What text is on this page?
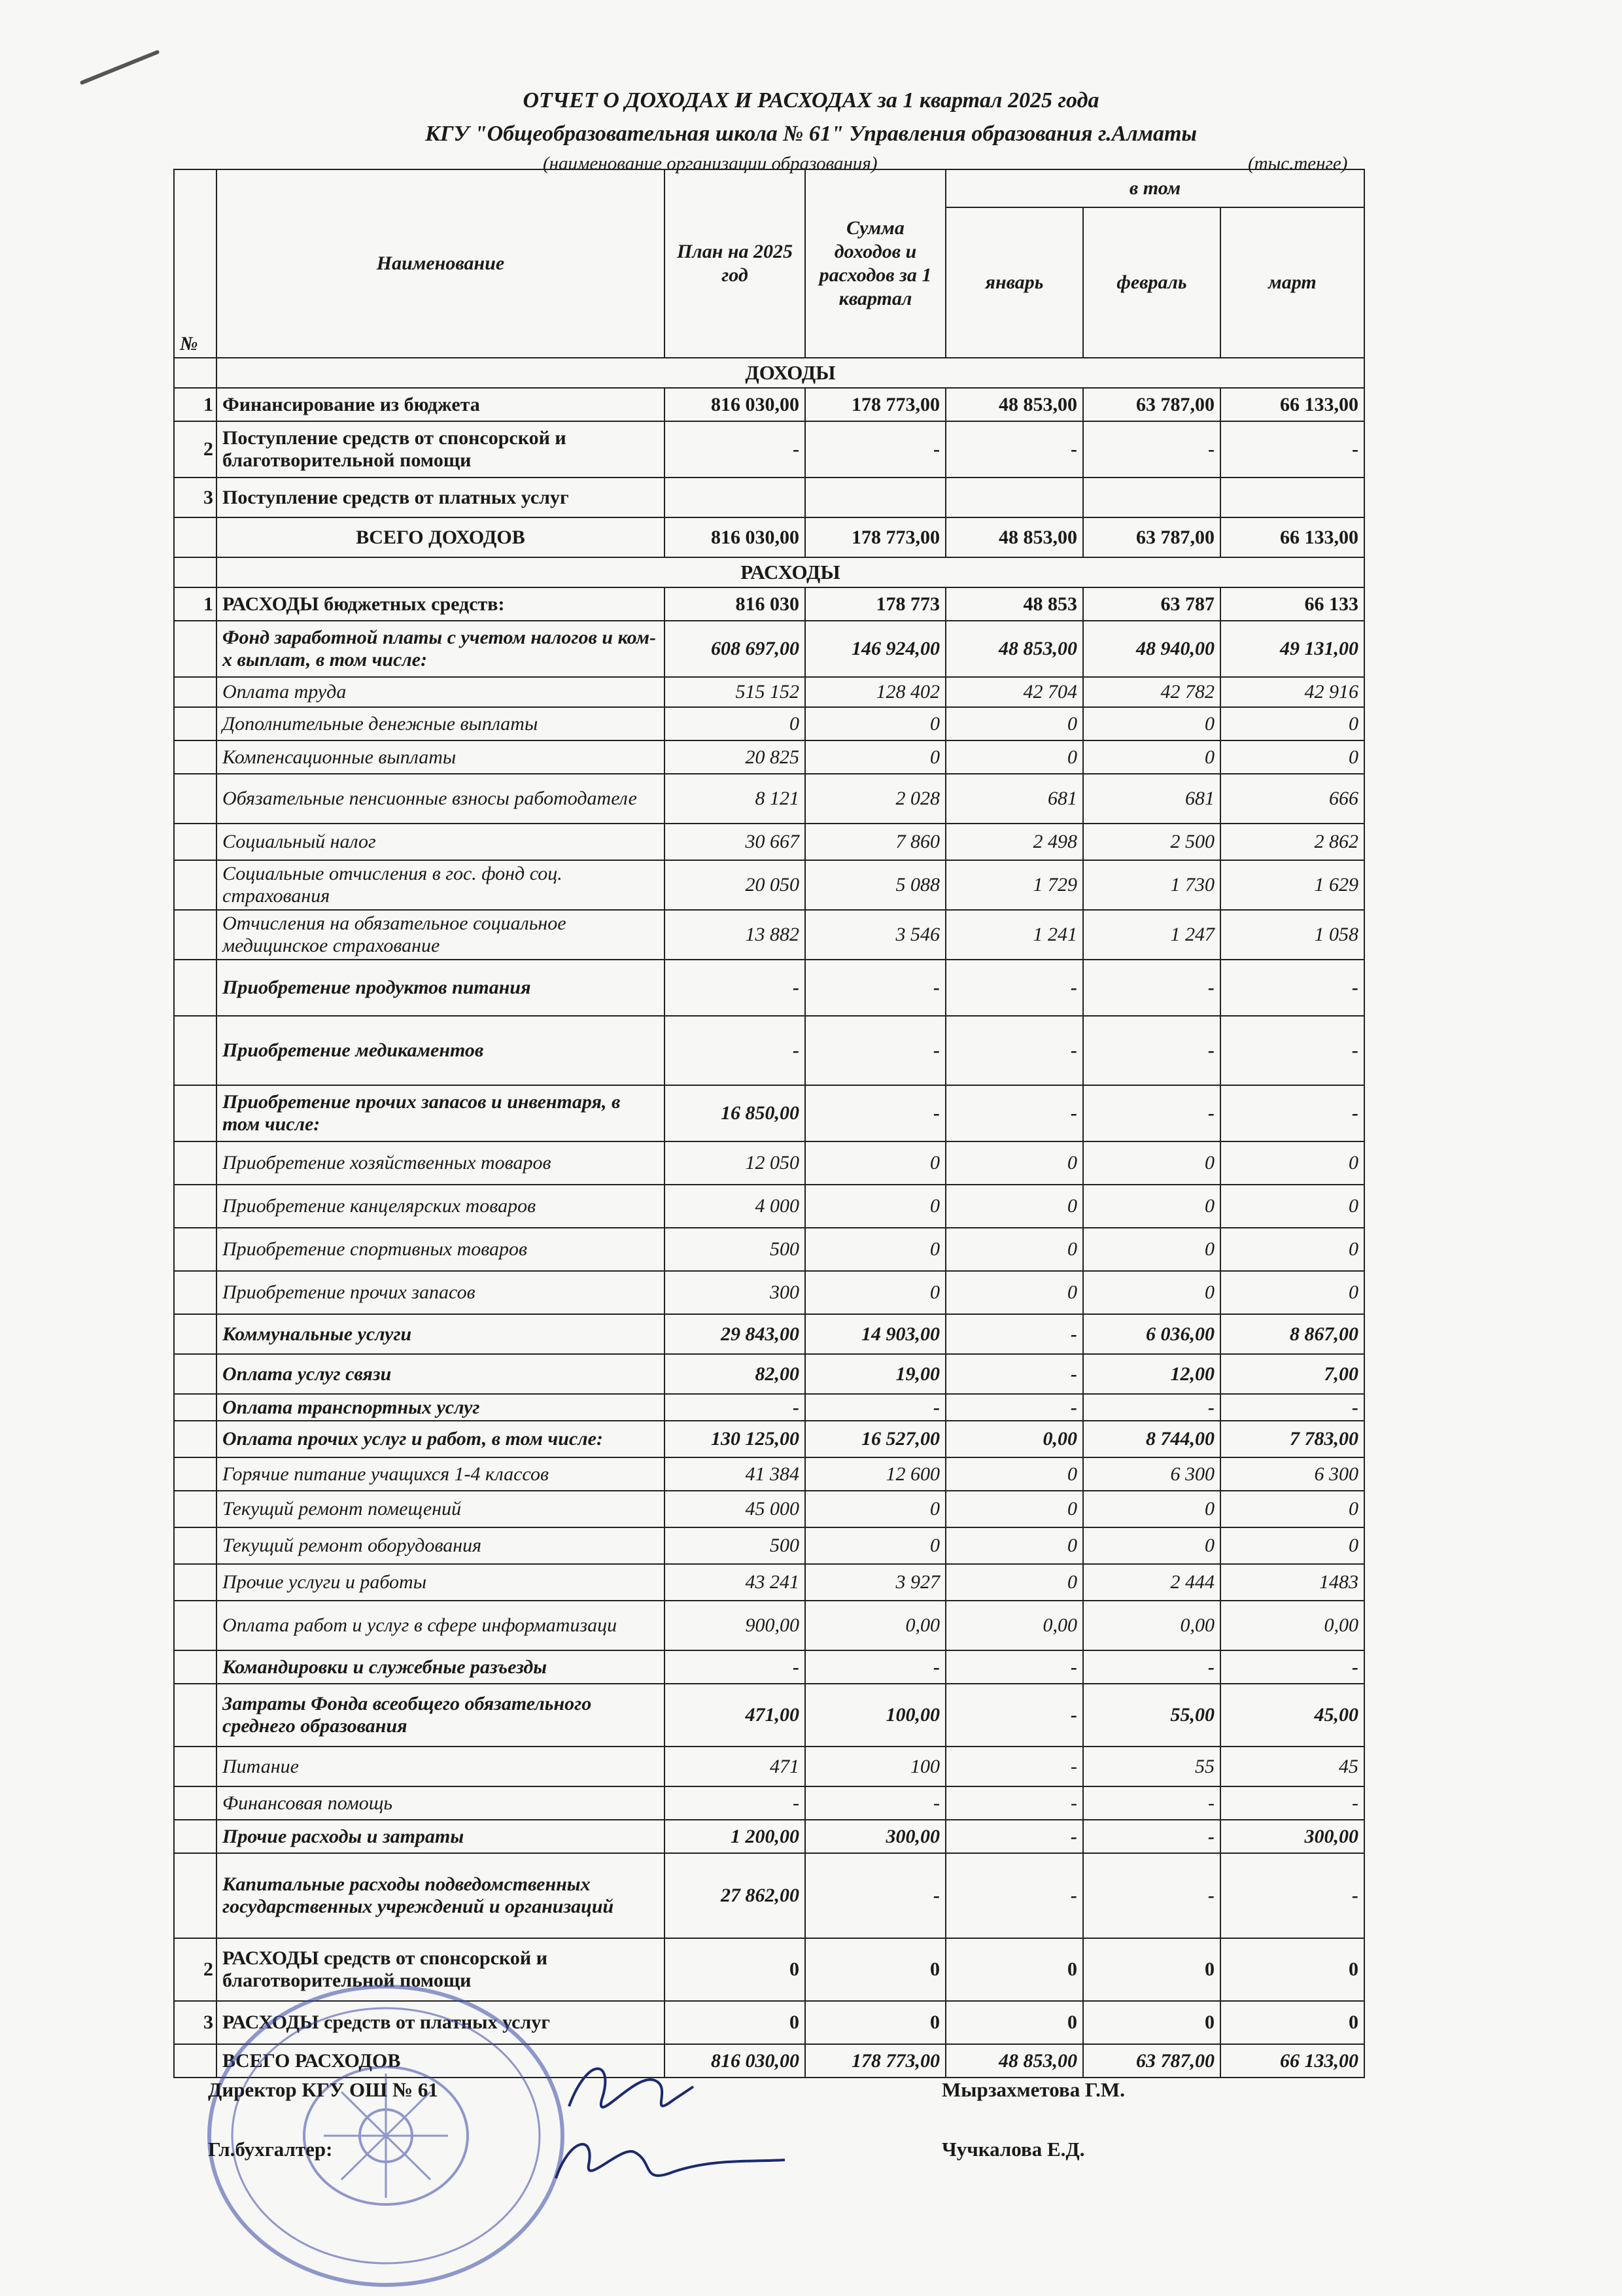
ОТЧЕТ О ДОХОДАХ И РАСХОДАХ за 1 квартал 2025 года
КГУ "Общеобразовательная школа № 61" Управления образования г.Алматы
(наименование организации образования)	(тыс.тенге)
№	Наименование	План на 2025 год	Сумма доходов и расходов за 1 квартал	в том		
				январь	февраль	март
	ДОХОДЫ					
1	Финансирование из бюджета	816 030,00	178 773,00	48 853,00	63 787,00	66 133,00
2	Поступление средств от спонсорской и благотворительной помощи	-	-	-	-	-
3	Поступление средств от платных услуг					
	ВСЕГО ДОХОДОВ	816 030,00	178 773,00	48 853,00	63 787,00	66 133,00
	РАСХОДЫ					
1	РАСХОДЫ бюджетных средств:	816 030	178 773	48 853	63 787	66 133
	Фонд заработной платы с учетом налогов и ком-х выплат, в том числе:	608 697,00	146 924,00	48 853,00	48 940,00	49 131,00
	Оплата труда	515 152	128 402	42 704	42 782	42 916
	Дополнительные денежные выплаты	0	0	0	0	0
	Компенсационные выплаты	20 825	0	0	0	0
	Обязательные пенсионные взносы работодателе	8 121	2 028	681	681	666
	Социальный налог	30 667	7 860	2 498	2 500	2 862
	Социальные отчисления в гос. фонд соц. страхования	20 050	5 088	1 729	1 730	1 629
	Отчисления на обязательное социальное медицинское страхование	13 882	3 546	1 241	1 247	1 058
	Приобретение продуктов питания	-	-	-	-	-
	Приобретение медикаментов	-	-	-	-	-
	Приобретение прочих запасов и инвентаря, в том числе:	16 850,00	-	-	-	-
	Приобретение хозяйственных товаров	12 050	0	0	0	0
	Приобретение канцелярских товаров	4 000	0	0	0	0
	Приобретение спортивных товаров	500	0	0	0	0
	Приобретение прочих запасов	300	0	0	0	0
	Коммунальные услуги	29 843,00	14 903,00	-	6 036,00	8 867,00
	Оплата услуг связи	82,00	19,00	-	12,00	7,00
	Оплата транспортных услуг	-	-	-	-	-
	Оплата прочих услуг и работ, в том числе:	130 125,00	16 527,00	0,00	8 744,00	7 783,00
	Горячие питание учащихся 1-4 классов	41 384	12 600	0	6 300	6 300
	Текущий ремонт помещений	45 000	0	0	0	0
	Текущий ремонт оборудования	500	0	0	0	0
	Прочие услуги и работы	43 241	3 927	0	2 444	1483
	Оплата работ и услуг в сфере информатизаци	900,00	0,00	0,00	0,00	0,00
	Командировки и служебные разъезды	-	-	-	-	-
	Затраты Фонда всеобщего обязательного среднего образования	471,00	100,00	-	55,00	45,00
	Питание	471	100	-	55	45
	Финансовая помощь	-	-	-	-	-
	Прочие расходы и затраты	1 200,00	300,00	-	-	300,00
	Капитальные расходы подведомственных государственных учреждений и организаций	27 862,00	-	-	-	-
2	РАСХОДЫ средств от спонсорской и благотворительной помощи	0	0	0	0	0
3	РАСХОДЫ средств от платных услуг	0	0	0	0	0
	ВСЕГО РАСХОДОВ	816 030,00	178 773,00	48 853,00	63 787,00	66 133,00
Директор КГУ ОШ № 61	Мырзахметова Г.М.
Гл.бухгалтер:	Чучкалова Е.Д.
